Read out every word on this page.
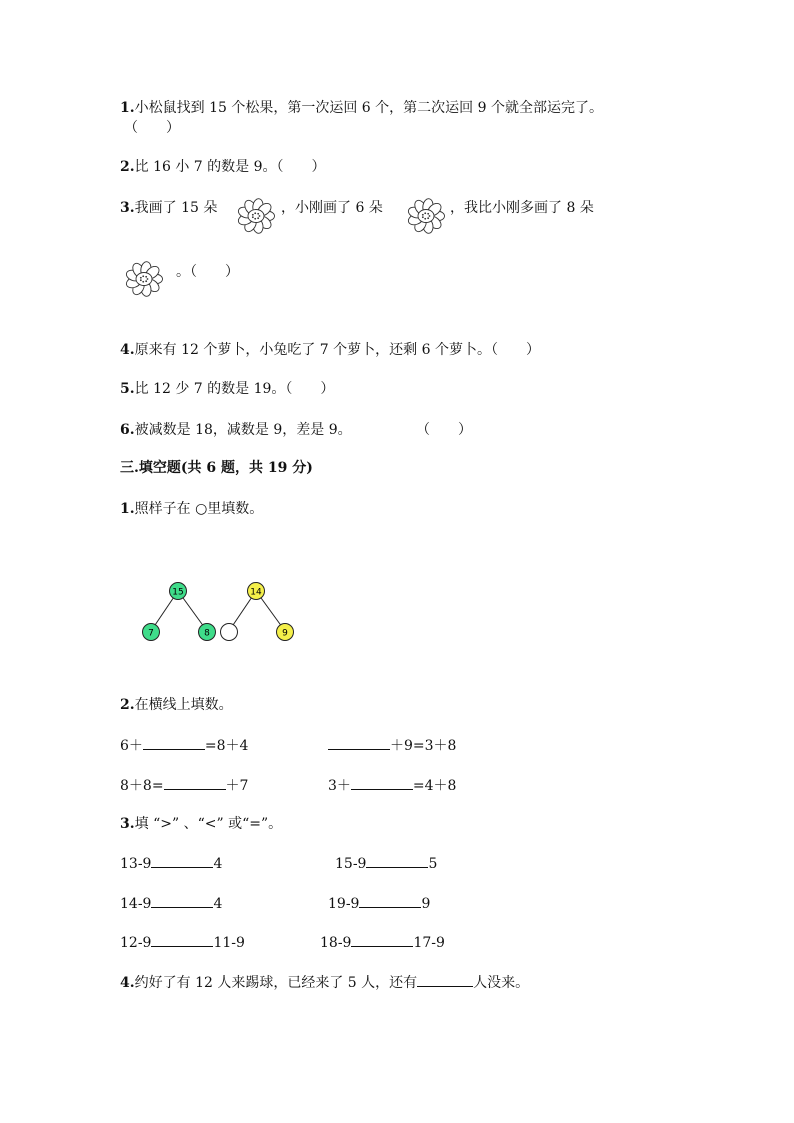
1.小松鼠找到 15 个松果，第一次运回 6 个，第二次运回 9 个就全部运完了。
（　　）
2.比 16 小 7 的数是 9。（　　）
3.我画了 15 朵	，小刚画了 6 朵	，我比小刚多画了 8 朵
。（　　）
4.原来有 12 个萝卜，小兔吃了 7 个萝卜，还剩 6 个萝卜。（　　）
5.比 12 少 7 的数是 19。（　　）
6.被减数是 18，减数是 9，差是 9。	（　　）
三.填空题(共 6 题，共 19 分)
1.照样子在 ○里填数。
15
7	8
14
9
2.在横线上填数。
6＋	=8＋4	＋9=3＋8
8＋8=	＋7	3＋	=4＋8
3.填 “>” 、“<” 或“=”。
13-9	4	15-9	5
14-9	4	19-9	9
12-9	11-9	18-9	17-9
4.约好了有 12 人来踢球，已经来了 5 人，还有	人没来。
